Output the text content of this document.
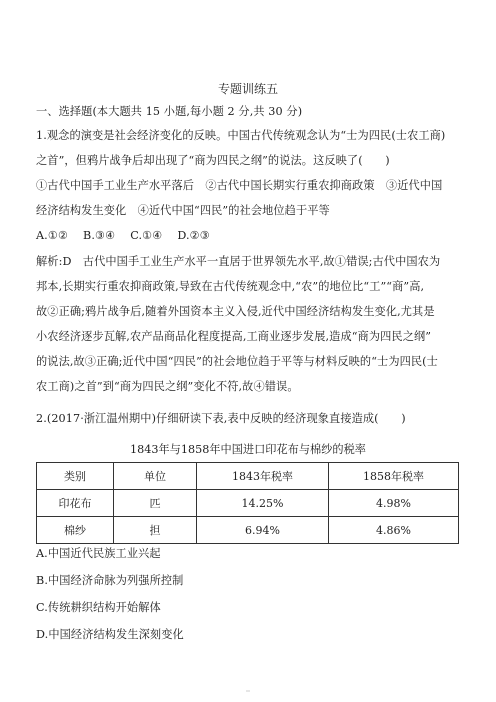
专题训练五
一、选择题(本大题共 15 小题,每小题 2 分,共 30 分)
1.观念的演变是社会经济变化的反映。中国古代传统观念认为“士为四民(士农工商)
之首”，但鸦片战争后却出现了“商为四民之纲”的说法。这反映了(　　)
①古代中国手工业生产水平落后　②古代中国长期实行重农抑商政策　③近代中国
经济结构发生变化　④近代中国“四民”的社会地位趋于平等
A.①②　 B.③④　 C.①④　 D.②③
解析:D　古代中国手工业生产水平一直居于世界领先水平,故①错误;古代中国农为
邦本,长期实行重农抑商政策,导致在古代传统观念中,“农”的地位比“工”“商”高,
故②正确;鸦片战争后,随着外国资本主义入侵,近代中国经济结构发生变化,尤其是
小农经济逐步瓦解,农产品商品化程度提高,工商业逐步发展,造成“商为四民之纲”
的说法,故③正确;近代中国“四民”的社会地位趋于平等与材料反映的“士为四民(士
农工商)之首”到“商为四民之纲”变化不符,故④错误。
2.(2017·浙江温州期中)仔细研读下表,表中反映的经济现象直接造成(　　)
1843年与1858年中国进口印花布与棉纱的税率
类别	单位	1843年税率	1858年税率
印花布	匹	14.25%	4.98%
棉纱	担	6.94%	4.86%
A.中国近代民族工业兴起
B.中国经济命脉为列强所控制
C.传统耕织结构开始解体
D.中国经济结构发生深刻变化
